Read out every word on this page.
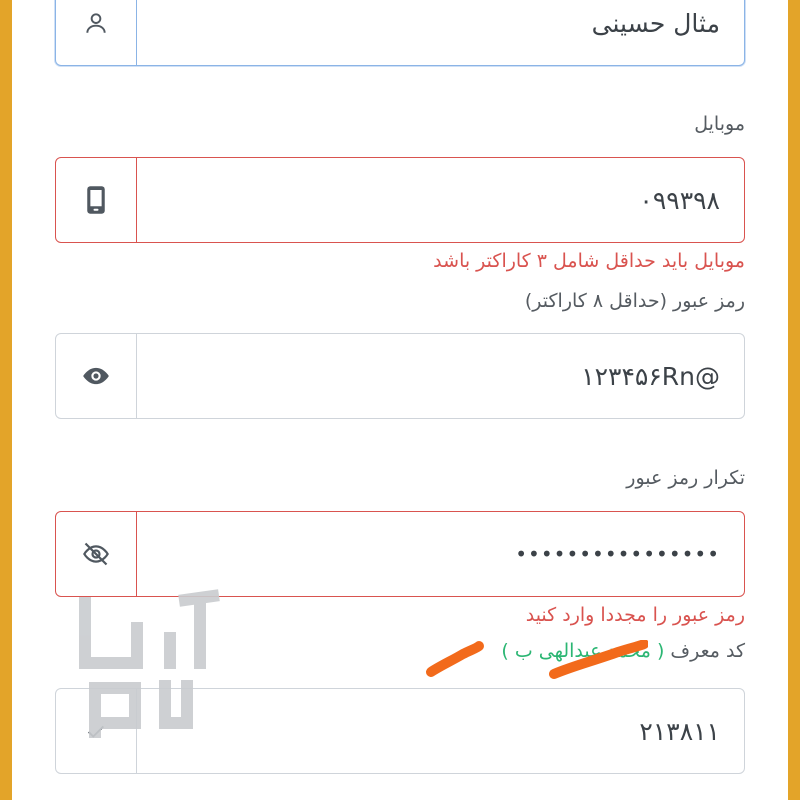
مثال حسینی
موبایل
۰۹۹۳۹۸
موبایل باید حداقل شامل ۳ کاراکتر باشد
رمز عبور (حداقل ۸ کاراکتر)
۱۲۳۴۵۶Rn@
تکرار رمز عبور
••••••••••••••••
رمز عبور را مجددا وارد کنید
کد معرف ( محمد عبدالهی ب )
۲۱۳۸۱۱
